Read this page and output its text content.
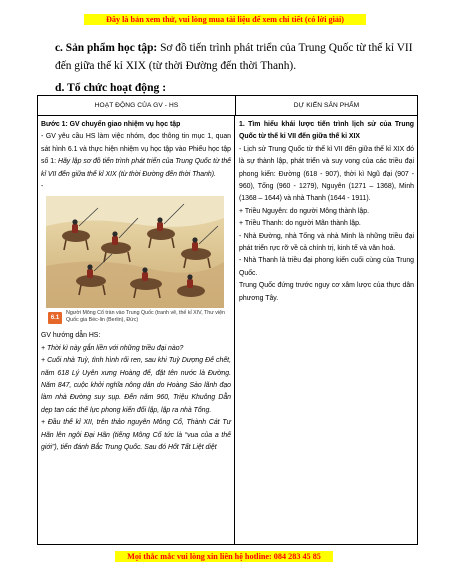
Đây là bản xem thử, vui lòng mua tài liệu để xem chi tiết (có lời giải)
c. Sản phẩm học tập: Sơ đồ tiến trình phát triển của Trung Quốc từ thế kỉ VII đến giữa thế kỉ XIX (từ thời Đường đến thời Thanh).
d. Tổ chức hoạt động :
HOẠT ĐỘNG CỦA GV - HS	DỰ KIẾN SẢN PHẨM

Bước 1: GV chuyển giao nhiệm vụ học tập

- GV yêu cầu HS làm việc nhóm, đọc thông tin mục 1, quan sát hình 6.1 và thực hiện nhiệm vụ học tập vào Phiếu học tập số 1: Hãy lập sơ đồ tiến trình phát triển của Trung Quốc từ thế kỉ VII đến giữa thế kỉ XIX (từ thời Đường đến thời Thanh).

-

6.1
Người Mông Cổ tràn vào Trung Quốc (tranh vẽ, thế kỉ XIV, Thư viện Quốc gia Béc-lin (Berlin), Đức)

GV hướng dẫn HS:

+ Thời kì này gắn liền với những triều đại nào?

+ Cuối nhà Tuỳ, tình hình rối ren, sau khi Tuỳ Dượng Đế chết, năm 618 Lý Uyên xưng Hoàng đế, đặt tên nước là Đường. Năm 847, cuộc khởi nghĩa nông dân do Hoàng Sào lãnh đạo làm nhà Đường suy sụp. Đến năm 960, Triệu Khuông Dẫn dẹp tan các thế lực phong kiến đối lập, lập ra nhà Tống.

+ Đầu thế kỉ XII, trên thảo nguyên Mông Cổ, Thành Cát Tư Hãn lên ngôi Đại Hãn (tiếng Mông Cổ tức là “vua của a thế giới”), tiến đánh Bắc Trung Quốc. Sau đó Hốt Tất Liệt diệt

1. Tìm hiểu khái lược tiến trình lịch sử của Trung Quốc từ thế kỉ VII đến giữa thế kỉ XIX

- Lịch sử Trung Quốc từ thế kỉ VII đến giữa thế kỉ XIX đó là sự thành lập, phát triển và suy vong của các triều đại phong kiến: Đường (618 - 907), thời kì Ngũ đại (907 - 960), Tống (960 - 1279), Nguyên (1271 – 1368), Minh (1368 – 1644) và nhà Thanh (1644 - 1911).

+ Triều Nguyên: do người Mông thành lập.

+ Triều Thanh: do người Mãn thành lập.

- Nhà Đường, nhà Tống và nhà Minh là những triều đại phát triển rực rỡ về cả chính trị, kinh tế và văn hoá.

- Nhà Thanh là triều đại phong kiến cuối cùng của Trung Quốc.

Trung Quốc đứng trước nguy cơ xâm lược của thực dân phương Tây.

Mọi thắc mắc vui lòng xin liên hệ hotline: 084 283 45 85
